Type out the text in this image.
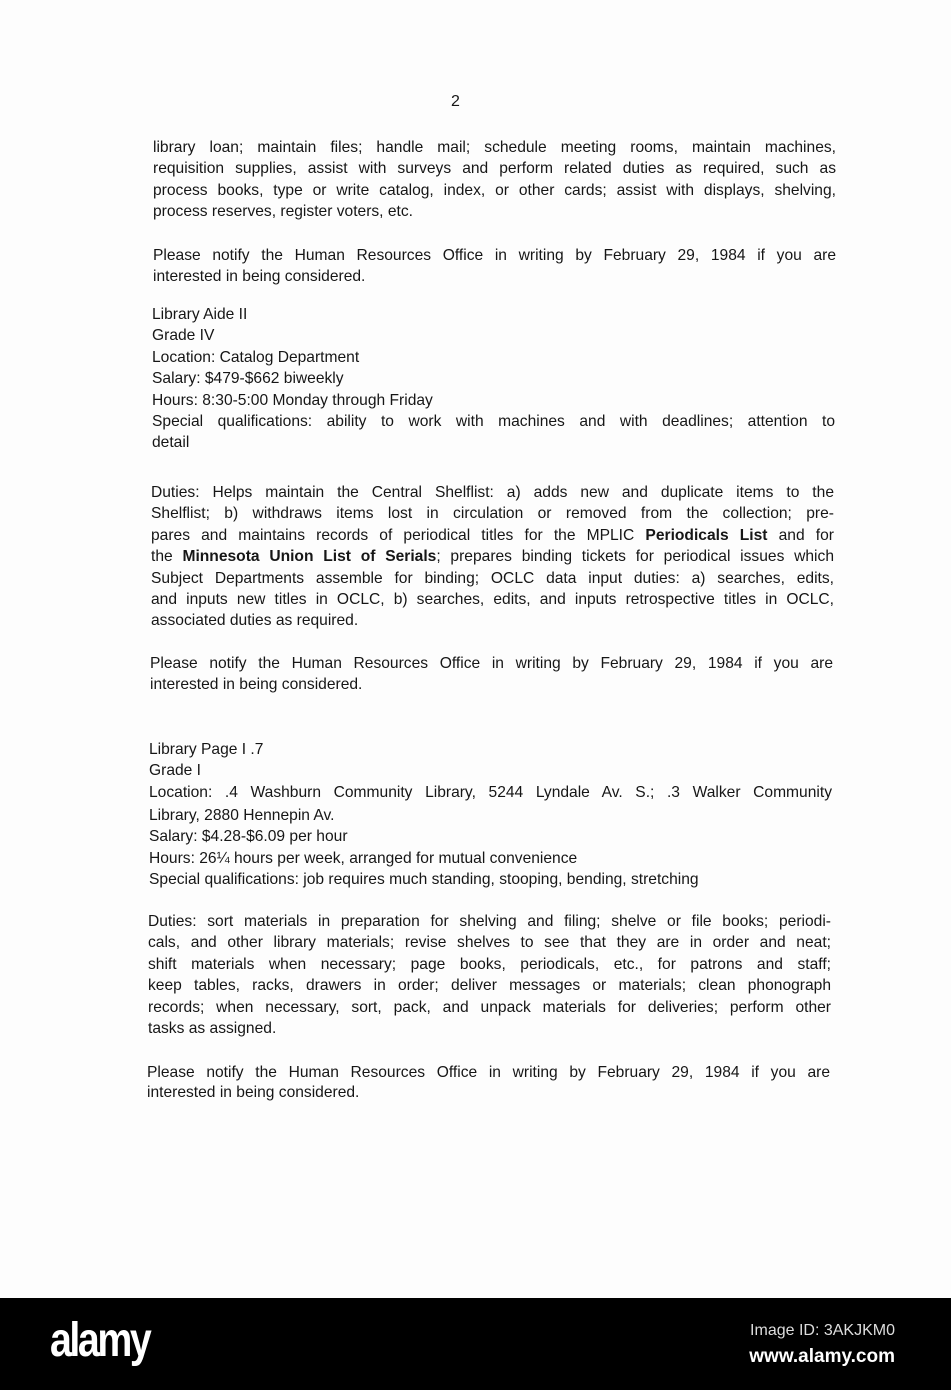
2
library loan; maintain files; handle mail; schedule meeting rooms, maintain machines,
requisition supplies, assist with surveys and perform related duties as required, such as
process books, type or write catalog, index, or other cards; assist with displays, shelving,
process reserves, register voters, etc.
Please notify the Human Resources Office in writing by February 29, 1984 if you are
interested in being considered.
Library Aide II
Grade IV
Location: Catalog Department
Salary: $479-$662 biweekly
Hours: 8:30-5:00 Monday through Friday
Special qualifications: ability to work with machines and with deadlines; attention to
detail
Duties: Helps maintain the Central Shelflist: a) adds new and duplicate items to the
Shelflist; b) withdraws items lost in circulation or removed from the collection; pre-
pares and maintains records of periodical titles for the MPLIC Periodicals List and for
the Minnesota Union List of Serials; prepares binding tickets for periodical issues which
Subject Departments assemble for binding; OCLC data input duties: a) searches, edits,
and inputs new titles in OCLC, b) searches, edits, and inputs retrospective titles in OCLC,
associated duties as required.
Please notify the Human Resources Office in writing by February 29, 1984 if you are
interested in being considered.
Library Page I .7
Grade I
Location: .4 Washburn Community Library, 5244 Lyndale Av. S.; .3 Walker Community
Library, 2880 Hennepin Av.
Salary: $4.28-$6.09 per hour
Hours: 26¼ hours per week, arranged for mutual convenience
Special qualifications: job requires much standing, stooping, bending, stretching
Duties: sort materials in preparation for shelving and filing; shelve or file books; periodi-
cals, and other library materials; revise shelves to see that they are in order and neat;
shift materials when necessary; page books, periodicals, etc., for patrons and staff;
keep tables, racks, drawers in order; deliver messages or materials; clean phonograph
records; when necessary, sort, pack, and unpack materials for deliveries; perform other
tasks as assigned.
Please notify the Human Resources Office in writing by February 29, 1984 if you are
interested in being considered.
alamy	Image ID: 3AKJKM0
www.alamy.com
